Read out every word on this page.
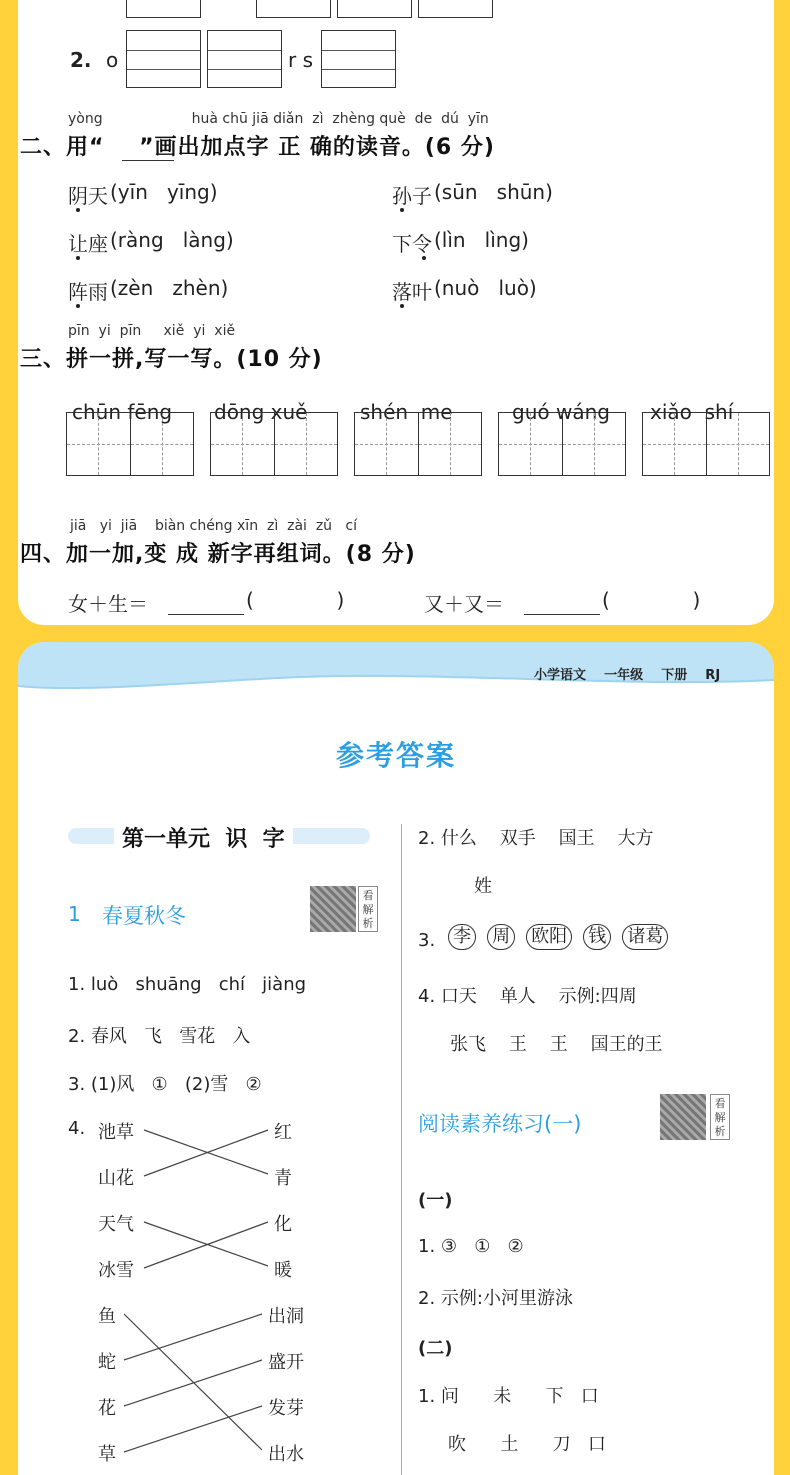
2. o	r s
yòng                    huà chū jiā diǎn  zì  zhèng què  de  dú  yīn
二、用“    ”画出加点字 正 确的读音。(6 分)
阴天 (yīn   yīng)	孙子 (sūn   shūn)
让座 (ràng   làng)	下令 (lìn   lìng)
阵雨 (zèn   zhèn)	落叶 (nuò   luò)
pīn  yi  pīn     xiě  yi  xiě
三、拼一拼,写一写。(10 分)
chūn fēng dōng xuě	shén  me	guó wáng xiǎo  shí
jiā   yi  jiā    biàn chéng xīn  zì  zài  zǔ   cí
四、加一加,变 成 新字再组词。(8 分)
女＋生＝	(             )	又＋又＝	(             )
小学语文    一年级    下册    RJ
参考答案
第一单元  识  字
1 春夏秋冬
看解析
1. luò   shuāng   chí   jiàng
2. 春风   飞   雪花   入
3. (1)风   ①   (2)雪   ②
4. 池草
山花
红
青
天气
冰雪
化
暖
鱼
蛇
花
草
出洞
盛开
发芽
出水
2. 什么    双手    国王    大方
姓
3. 李 周 欧阳 钱 诸葛
4. 口天    单人    示例:四周
张飞    王    王    国王的王
阅读素养练习(一)
看解析
(一)
1. ③   ①   ②
2. 示例:小河里游泳
(二)
1. 问      未      下   口
吹      土      刀   口
